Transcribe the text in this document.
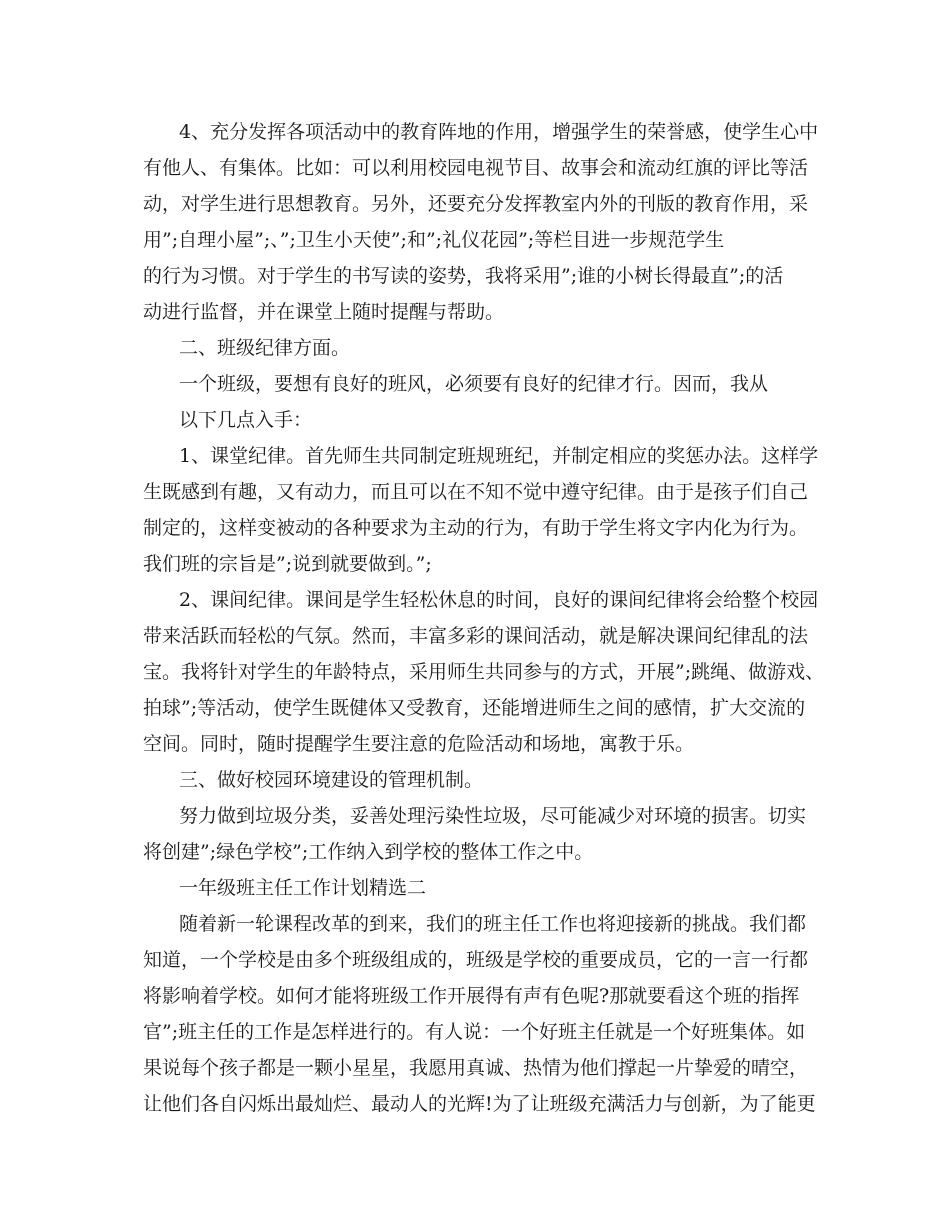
4、充分发挥各项活动中的教育阵地的作用，增强学生的荣誉感，使学生心中
有他人、有集体。比如：可以利用校园电视节目、故事会和流动红旗的评比等活
动，对学生进行思想教育。另外，还要充分发挥教室内外的刊版的教育作用，采
用”;自理小屋”;、”;卫生小天使”;和”;礼仪花园”;等栏目进一步规范学生
的行为习惯。对于学生的书写读的姿势，我将采用”;谁的小树长得最直”;的活
动进行监督，并在课堂上随时提醒与帮助。
二、班级纪律方面。
一个班级，要想有良好的班风，必须要有良好的纪律才行。因而，我从
以下几点入手：
1、课堂纪律。首先师生共同制定班规班纪，并制定相应的奖惩办法。这样学
生既感到有趣，又有动力，而且可以在不知不觉中遵守纪律。由于是孩子们自己
制定的，这样变被动的各种要求为主动的行为，有助于学生将文字内化为行为。
我们班的宗旨是”;说到就要做到。”;
2、课间纪律。课间是学生轻松休息的时间，良好的课间纪律将会给整个校园
带来活跃而轻松的气氛。然而，丰富多彩的课间活动，就是解决课间纪律乱的法
宝。我将针对学生的年龄特点，采用师生共同参与的方式，开展”;跳绳、做游戏、
拍球”;等活动，使学生既健体又受教育，还能增进师生之间的感情，扩大交流的
空间。同时，随时提醒学生要注意的危险活动和场地，寓教于乐。
三、做好校园环境建设的管理机制。
努力做到垃圾分类，妥善处理污染性垃圾，尽可能减少对环境的损害。切实
将创建”;绿色学校”;工作纳入到学校的整体工作之中。
一年级班主任工作计划精选二
随着新一轮课程改革的到来，我们的班主任工作也将迎接新的挑战。我们都
知道，一个学校是由多个班级组成的，班级是学校的重要成员，它的一言一行都
将影响着学校。如何才能将班级工作开展得有声有色呢?那就要看这个班的指挥
官”;班主任的工作是怎样进行的。有人说：一个好班主任就是一个好班集体。如
果说每个孩子都是一颗小星星，我愿用真诚、热情为他们撑起一片挚爱的晴空，
让他们各自闪烁出最灿烂、最动人的光辉!为了让班级充满活力与创新，为了能更
